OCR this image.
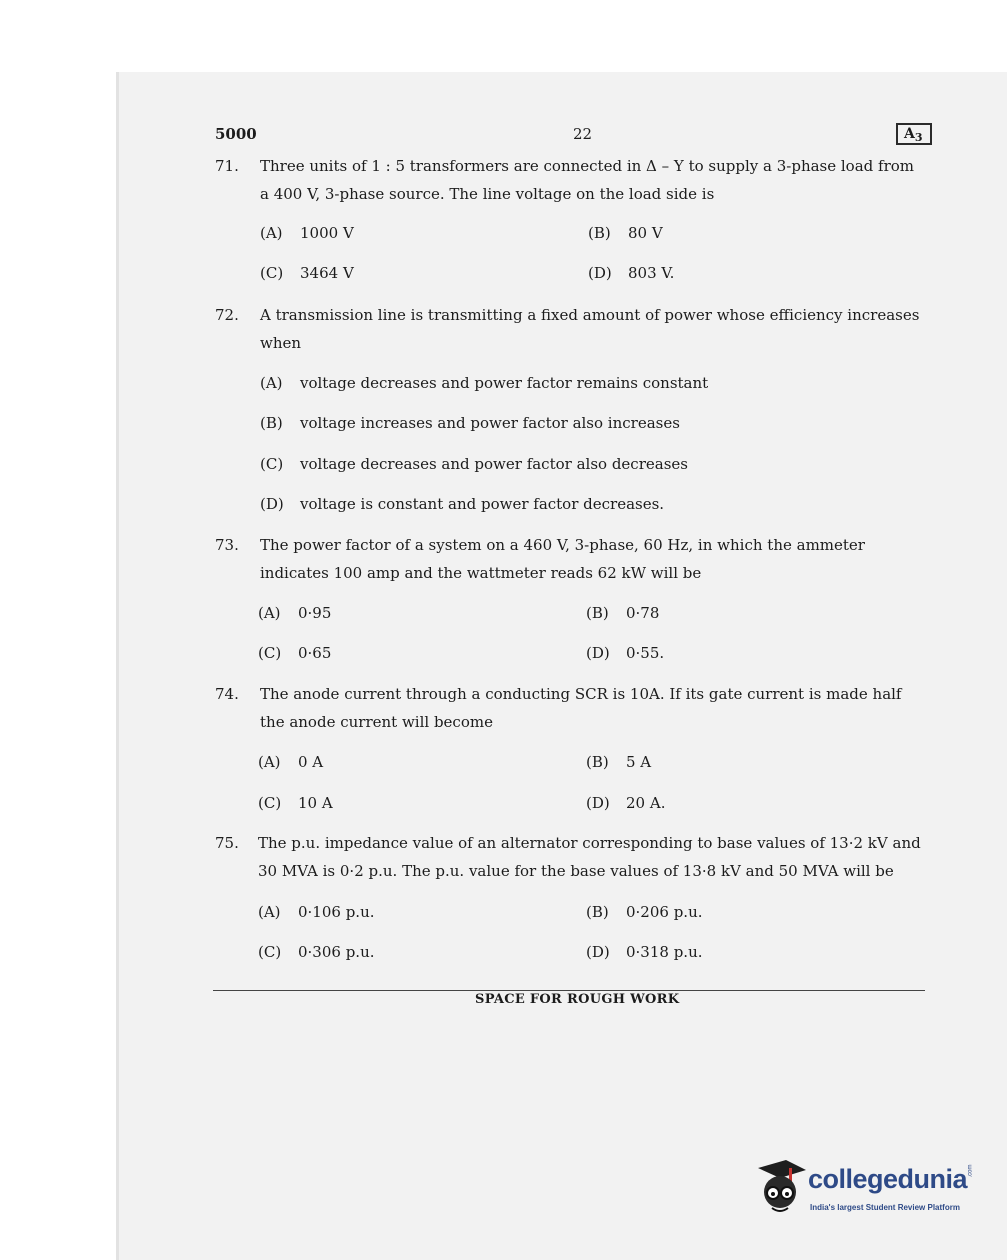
5000	22	$A_3$
71. Three units of 1 : 5 transformers are connected in Δ – Y to supply a 3-phase load from
a 400 V, 3-phase source. The line voltage on the load side is
(A) 1000 V	(B) 80 V
(C) 3464 V	(D) 803 V.
72. A transmission line is transmitting a fixed amount of power whose efficiency increases
when
(A) voltage decreases and power factor remains constant
(B) voltage increases and power factor also increases
(C) voltage decreases and power factor also decreases
(D) voltage is constant and power factor decreases.
73. The power factor of a system on a 460 V, 3-phase, 60 Hz, in which the ammeter
indicates 100 amp and the wattmeter reads 62 kW will be
(A) 0·95	(B) 0·78
(C) 0·65	(D) 0·55.
74. The anode current through a conducting SCR is 10A. If its gate current is made half
the anode current will become
(A) 0 A	(B) 5 A
(C) 10 A	(D) 20 A.
75. The p.u. impedance value of an alternator corresponding to base values of 13·2 kV and
30 MVA is 0·2 p.u. The p.u. value for the base values of 13·8 kV and 50 MVA will be
(A) 0·106 p.u.	(B) 0·206 p.u.
(C) 0·306 p.u.	(D) 0·318 p.u.
SPACE FOR ROUGH WORK
collegedunia .com
India's largest Student Review Platform
